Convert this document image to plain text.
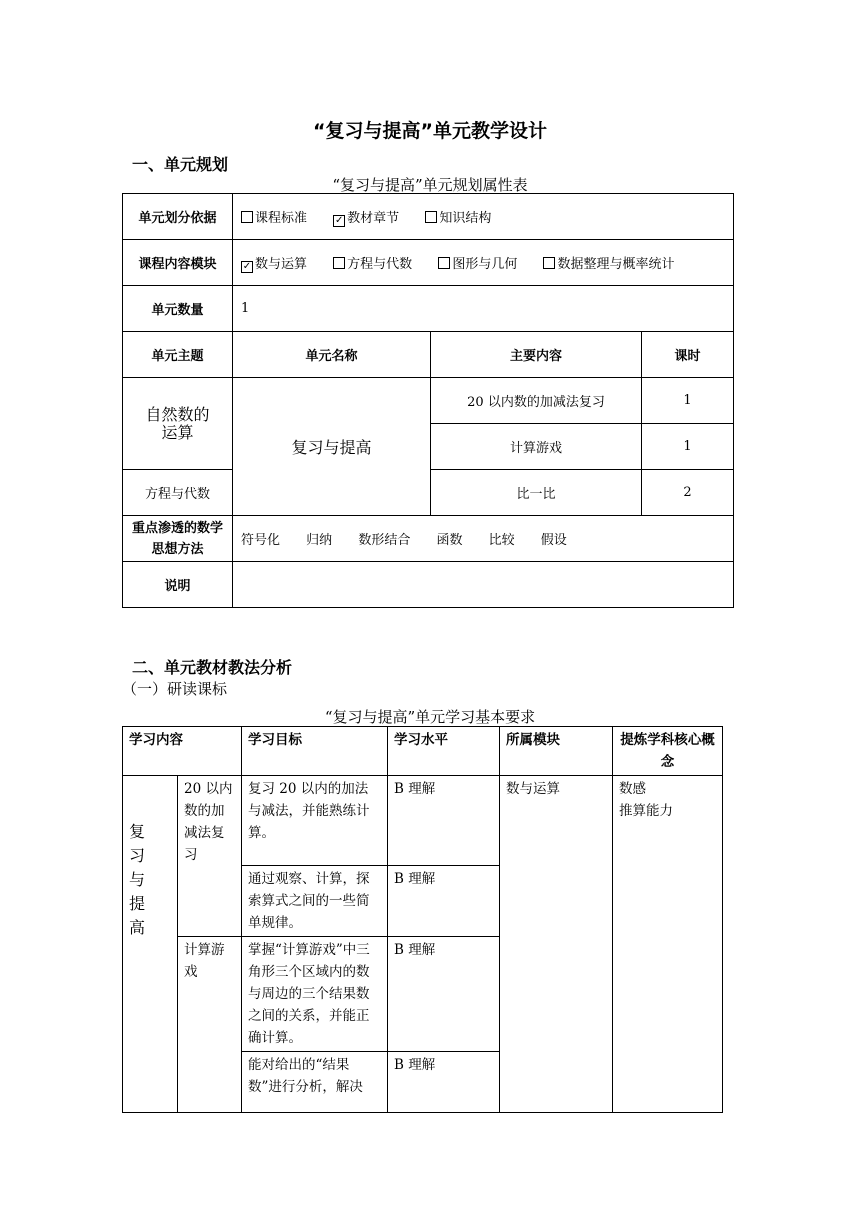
“复习与提高”单元教学设计
一、单元规划
“复习与提高”单元规划属性表
单元划分依据	课程标准 ✓ 教材章节 知识结构		
课程内容模块	✓ 数与运算 方程与代数 图形与几何 数据整理与概率统计		
单元数量	1		
单元主题	单元名称	主要内容	课时
自然数的运算	复习与提高	20 以内数的加减法复习	1
		计算游戏	1
方程与代数		比一比	2
重点渗透的数学思想方法	符号化 归纳 数形结合 函数 比较 假设		
说明			
二、单元教材教法分析
（一）研读课标
“复习与提高”单元学习基本要求
学习内容		学习目标	学习水平	所属模块	提炼学科核心概念
复习与提高	20 以内数的加减法复习	复习 20 以内的加法与减法，并能熟练计算。	B 理解	数与运算	数感
推算能力

		通过观察、计算，探索算式之间的一些简单规律。	B 理解		
	计算游戏	掌握“计算游戏”中三角形三个区域内的数与周边的三个结果数之间的关系，并能正确计算。	B 理解		
		能对给出的“结果数”进行分析，解决	B 理解		
